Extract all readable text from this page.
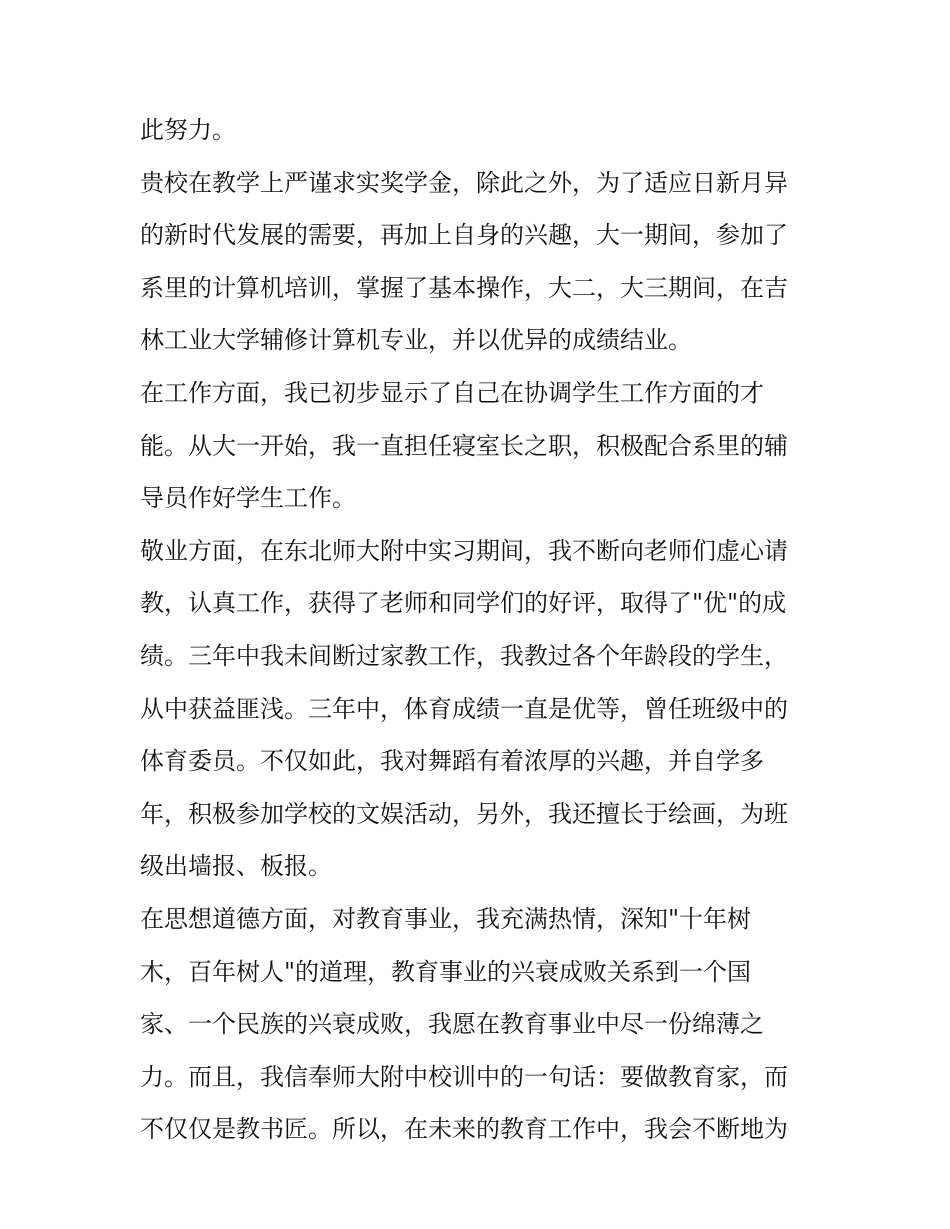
此努力。
贵校在教学上严谨求实奖学金，除此之外，为了适应日新月异
的新时代发展的需要，再加上自身的兴趣，大一期间，参加了
系里的计算机培训，掌握了基本操作，大二，大三期间，在吉
林工业大学辅修计算机专业，并以优异的成绩结业。
在工作方面，我已初步显示了自己在协调学生工作方面的才
能。从大一开始，我一直担任寝室长之职，积极配合系里的辅
导员作好学生工作。
敬业方面，在东北师大附中实习期间，我不断向老师们虚心请
教，认真工作，获得了老师和同学们的好评，取得了"优"的成
绩。三年中我未间断过家教工作，我教过各个年龄段的学生，
从中获益匪浅。三年中，体育成绩一直是优等，曾任班级中的
体育委员。不仅如此，我对舞蹈有着浓厚的兴趣，并自学多
年，积极参加学校的文娱活动，另外，我还擅长于绘画，为班
级出墙报、板报。
在思想道德方面，对教育事业，我充满热情，深知"十年树
木，百年树人"的道理，教育事业的兴衰成败关系到一个国
家、一个民族的兴衰成败，我愿在教育事业中尽一份绵薄之
力。而且，我信奉师大附中校训中的一句话：要做教育家，而
不仅仅是教书匠。所以，在未来的教育工作中，我会不断地为
